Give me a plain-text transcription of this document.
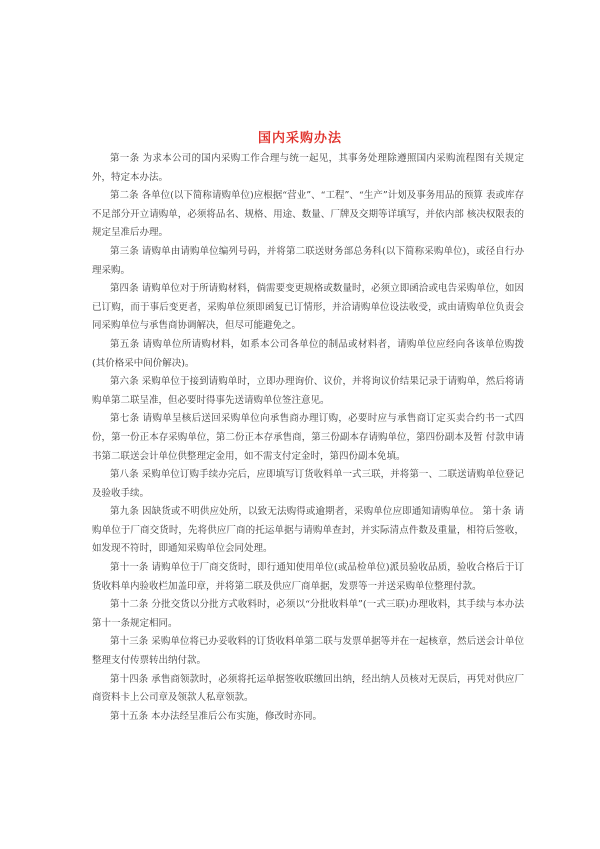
国内采购办法

第一条 为求本公司的国内采购工作合理与统一起见，其事务处理除遵照国内采购流程图有关规定外，特定本办法。

第二条 各单位(以下简称请购单位)应根据“营业”、“工程”、“生产”计划及事务用品的预算 表或库存不足部分开立请购单，必须将品名、规格、用途、数量、厂牌及交期等详填写，并依内部 核决权限表的规定呈准后办理。

第三条 请购单由请购单位编列号码，并将第二联送财务部总务科(以下简称采购单位)，或径自行办理采购。

第四条 请购单位对于所请购材料，倘需要变更规格或数量时，必须立即函洽或电告采购单位，如因已订购，而于事后变更者，采购单位须即函复已订情形，并洽请购单位设法收受，或由请购单位负责会同采购单位与承售商协调解决，但尽可能避免之。

第五条 请购单位所请购材料，如系本公司各单位的制品或材料者，请购单位应经向各该单位购拨(其价格采中间价解决)。

第六条 采购单位于接到请购单时，立即办理询价、议价，并将询议价结果记录于请购单，然后将请购单第二联呈准，但必要时得事先送请购单位签注意见。

第七条 请购单呈核后送回采购单位向承售商办理订购，必要时应与承售商订定买卖合约书一式四份，第一份正本存采购单位，第二份正本存承售商，第三份副本存请购单位，第四份副本及暂 付款申请书第二联送会计单位供整理定金用，如不需支付定金时，第四份副本免填。

第八条 采购单位订购手续办完后，应即填写订货收料单一式三联，并将第一、二联送请购单位登记及验收手续。

第九条 因缺货或不明供应处所，以致无法购得或逾期者，采购单位应即通知请购单位。 第十条 请购单位于厂商交货时，先将供应厂商的托运单据与请购单查封，并实际清点件数及重量，相符后签收，如发现不符时，即通知采购单位会同处理。

第十一条 请购单位于厂商交货时，即行通知使用单位(或品检单位)派员验收品质，验收合格后于订货收料单内验收栏加盖印章，并将第二联及供应厂商单据，发票等一并送采购单位整理付款。

第十二条 分批交货以分批方式收料时，必须以“分批收料单”(一式三联)办理收料，其手续与本办法第十一条规定相同。

第十三条 采购单位将已办妥收料的订货收料单第二联与发票单据等并在一起核章，然后送会计单位整理支付传票转出纳付款。

第十四条 承售商领款时，必须将托运单据签收联缴回出纳，经出纳人员核对无误后，再凭对供应厂商资料卡上公司章及领款人私章领款。

第十五条 本办法经呈准后公布实施，修改时亦同。
